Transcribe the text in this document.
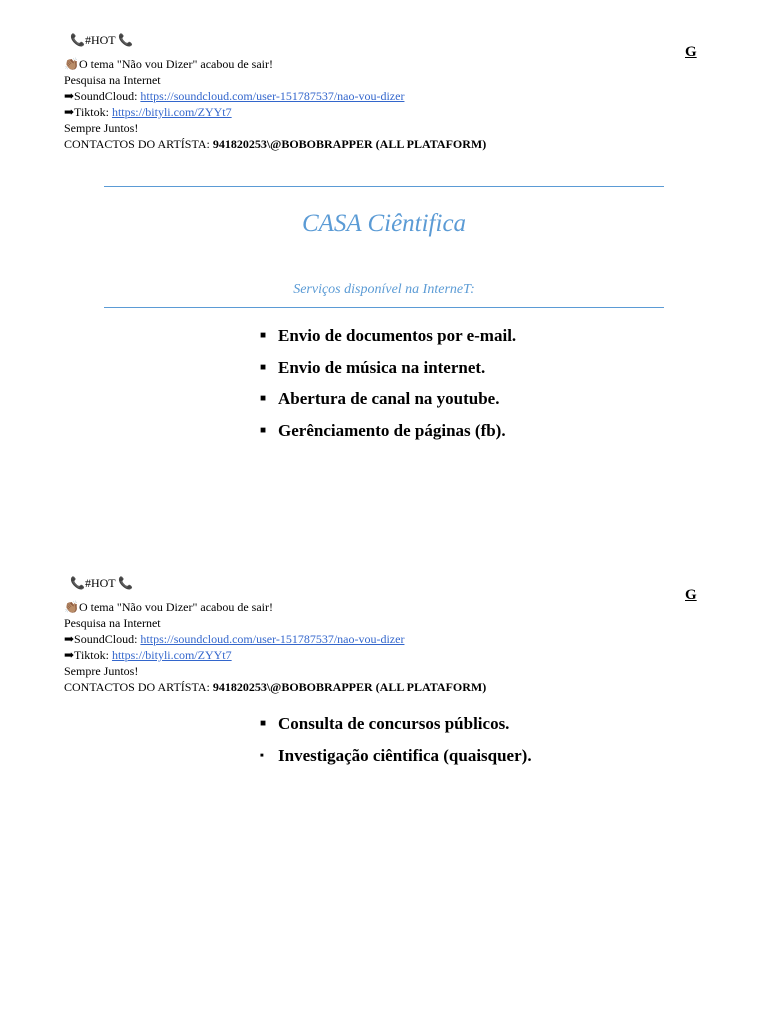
📞#HOT 📞
👏🏽O tema "Não vou Dizer" acabou de sair!
Pesquisa na Internet
➡SoundCloud: https://soundcloud.com/user-151787537/nao-vou-dizer
➡Tiktok: https://bityli.com/ZYYt7
Sempre Juntos!
CONTACTOS DO ARTÍSTA: 941820253\@BOBOBRAPPER (ALL PLATAFORM)
G
CASA Ciêntifica
Serviços disponível na InterneT:
■ Envio de documentos por e-mail.
■ Envio de música na internet.
■ Abertura de canal na youtube.
■ Gerênciamento de páginas (fb).
📞#HOT 📞
👏🏽O tema "Não vou Dizer" acabou de sair!
Pesquisa na Internet
➡SoundCloud: https://soundcloud.com/user-151787537/nao-vou-dizer
➡Tiktok: https://bityli.com/ZYYt7
Sempre Juntos!
CONTACTOS DO ARTÍSTA: 941820253\@BOBOBRAPPER (ALL PLATAFORM)
G
■ Consulta de concursos públicos.
■ Investigação ciêntifica (quaisquer).
